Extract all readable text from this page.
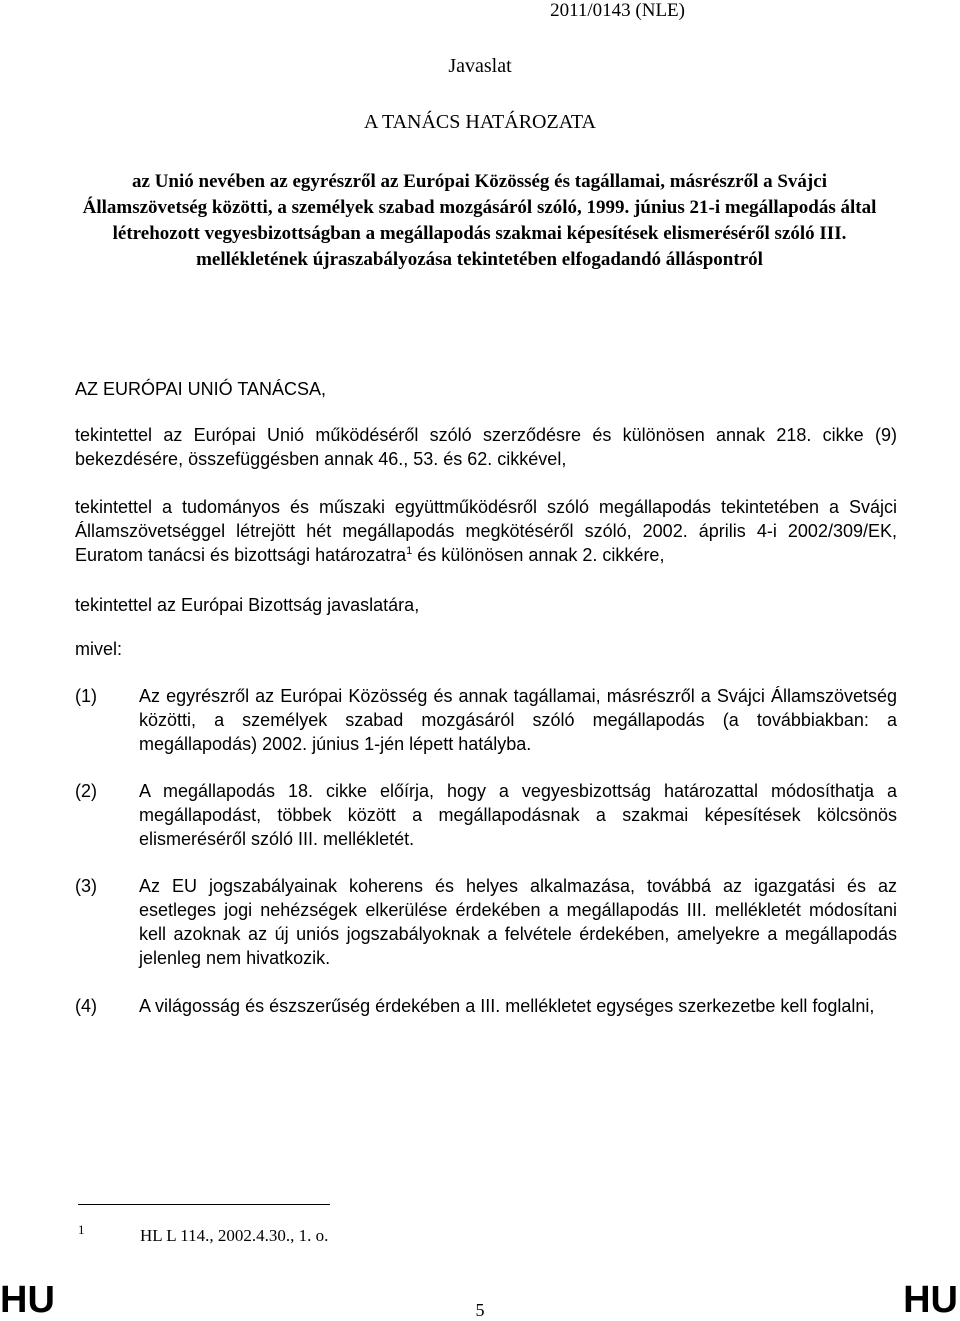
2011/0143 (NLE)
Javaslat
A TANÁCS HATÁROZATA
az Unió nevében az egyrészről az Európai Közösség és tagállamai, másrészről a Svájci Államszövetség közötti, a személyek szabad mozgásáról szóló, 1999. június 21-i megállapodás által létrehozott vegyesbizottságban a megállapodás szakmai képesítések elismeréséről szóló III. mellékletének újraszabályozása tekintetében elfogadandó álláspontról
AZ EURÓPAI UNIÓ TANÁCSA,

tekintettel az Európai Unió működéséről szóló szerződésre és különösen annak 218. cikke (9) bekezdésére, összefüggésben annak 46., 53. és 62. cikkével,

tekintettel a tudományos és műszaki együttműködésről szóló megállapodás tekintetében a Svájci Államszövetséggel létrejött hét megállapodás megkötéséről szóló, 2002. április 4-i 2002/309/EK, Euratom tanácsi és bizottsági határozatra$^1$ és különösen annak 2. cikkére,

tekintettel az Európai Bizottság javaslatára,

mivel:

(1) Az egyrészről az Európai Közösség és annak tagállamai, másrészről a Svájci Államszövetség közötti, a személyek szabad mozgásáról szóló megállapodás (a továbbiakban: a megállapodás) 2002. június 1-jén lépett hatályba.
(2) A megállapodás 18. cikke előírja, hogy a vegyesbizottság határozattal módosíthatja a megállapodást, többek között a megállapodásnak a szakmai képesítések kölcsönös elismeréséről szóló III. mellékletét.
(3) Az EU jogszabályainak koherens és helyes alkalmazása, továbbá az igazgatási és az esetleges jogi nehézségek elkerülése érdekében a megállapodás III. mellékletét módosítani kell azoknak az új uniós jogszabályoknak a felvétele érdekében, amelyekre a megállapodás jelenleg nem hivatkozik.
(4) A világosság és észszerűség érdekében a III. mellékletet egységes szerkezetbe kell foglalni,
1	HL L 114., 2002.4.30., 1. o.
HU	5	HU
